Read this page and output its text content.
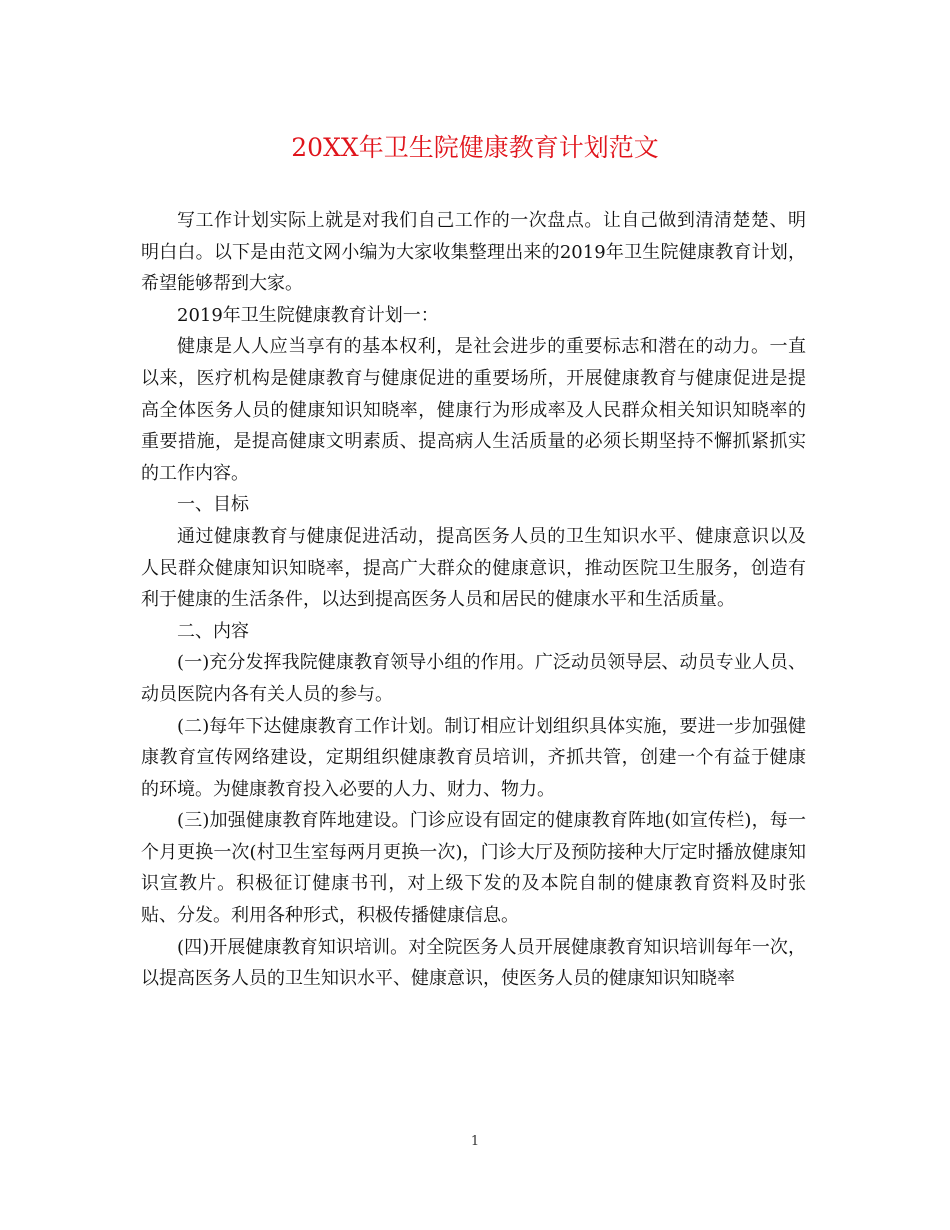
20XX年卫生院健康教育计划范文

写工作计划实际上就是对我们自己工作的一次盘点。让自己做到清清楚楚、明明白白。以下是由范文网小编为大家收集整理出来的2019年卫生院健康教育计划，希望能够帮到大家。

2019年卫生院健康教育计划一：

健康是人人应当享有的基本权利，是社会进步的重要标志和潜在的动力。一直以来，医疗机构是健康教育与健康促进的重要场所，开展健康教育与健康促进是提高全体医务人员的健康知识知晓率，健康行为形成率及人民群众相关知识知晓率的重要措施，是提高健康文明素质、提高病人生活质量的必须长期坚持不懈抓紧抓实的工作内容。

一、目标

通过健康教育与健康促进活动，提高医务人员的卫生知识水平、健康意识以及人民群众健康知识知晓率，提高广大群众的健康意识，推动医院卫生服务，创造有利于健康的生活条件，以达到提高医务人员和居民的健康水平和生活质量。

二、内容

(一)充分发挥我院健康教育领导小组的作用。广泛动员领导层、动员专业人员、动员医院内各有关人员的参与。

(二)每年下达健康教育工作计划。制订相应计划组织具体实施，要进一步加强健康教育宣传网络建设，定期组织健康教育员培训，齐抓共管，创建一个有益于健康的环境。为健康教育投入必要的人力、财力、物力。

(三)加强健康教育阵地建设。门诊应设有固定的健康教育阵地(如宣传栏)，每一个月更换一次(村卫生室每两月更换一次)，门诊大厅及预防接种大厅定时播放健康知识宣教片。积极征订健康书刊，对上级下发的及本院自制的健康教育资料及时张贴、分发。利用各种形式，积极传播健康信息。

(四)开展健康教育知识培训。对全院医务人员开展健康教育知识培训每年一次，以提高医务人员的卫生知识水平、健康意识，使医务人员的健康知识知晓率

1
